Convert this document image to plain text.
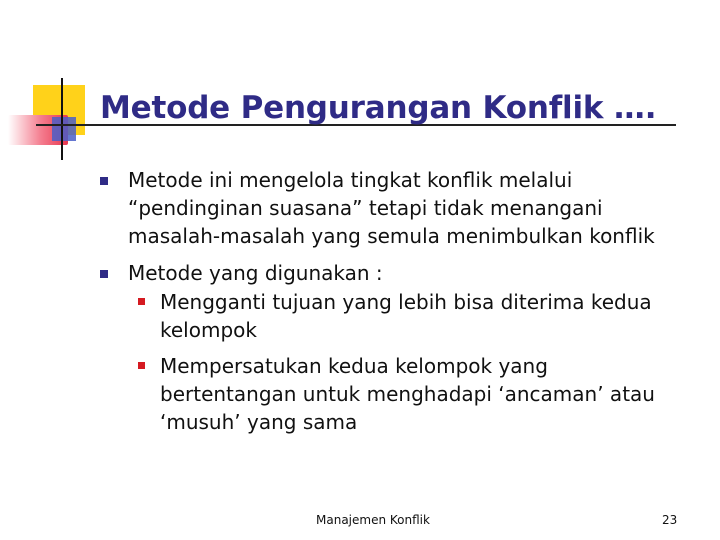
Metode Pengurangan Konflik ….

Metode ini mengelola tingkat konflik melalui “pendinginan suasana” tetapi tidak menangani masalah-masalah yang semula menimbulkan konflik

Metode yang digunakan :

Mengganti tujuan yang lebih bisa diterima kedua kelompok

Mempersatukan kedua kelompok yang bertentangan untuk menghadapi ‘ancaman’ atau ‘musuh’ yang sama

Manajemen Konflik	23
